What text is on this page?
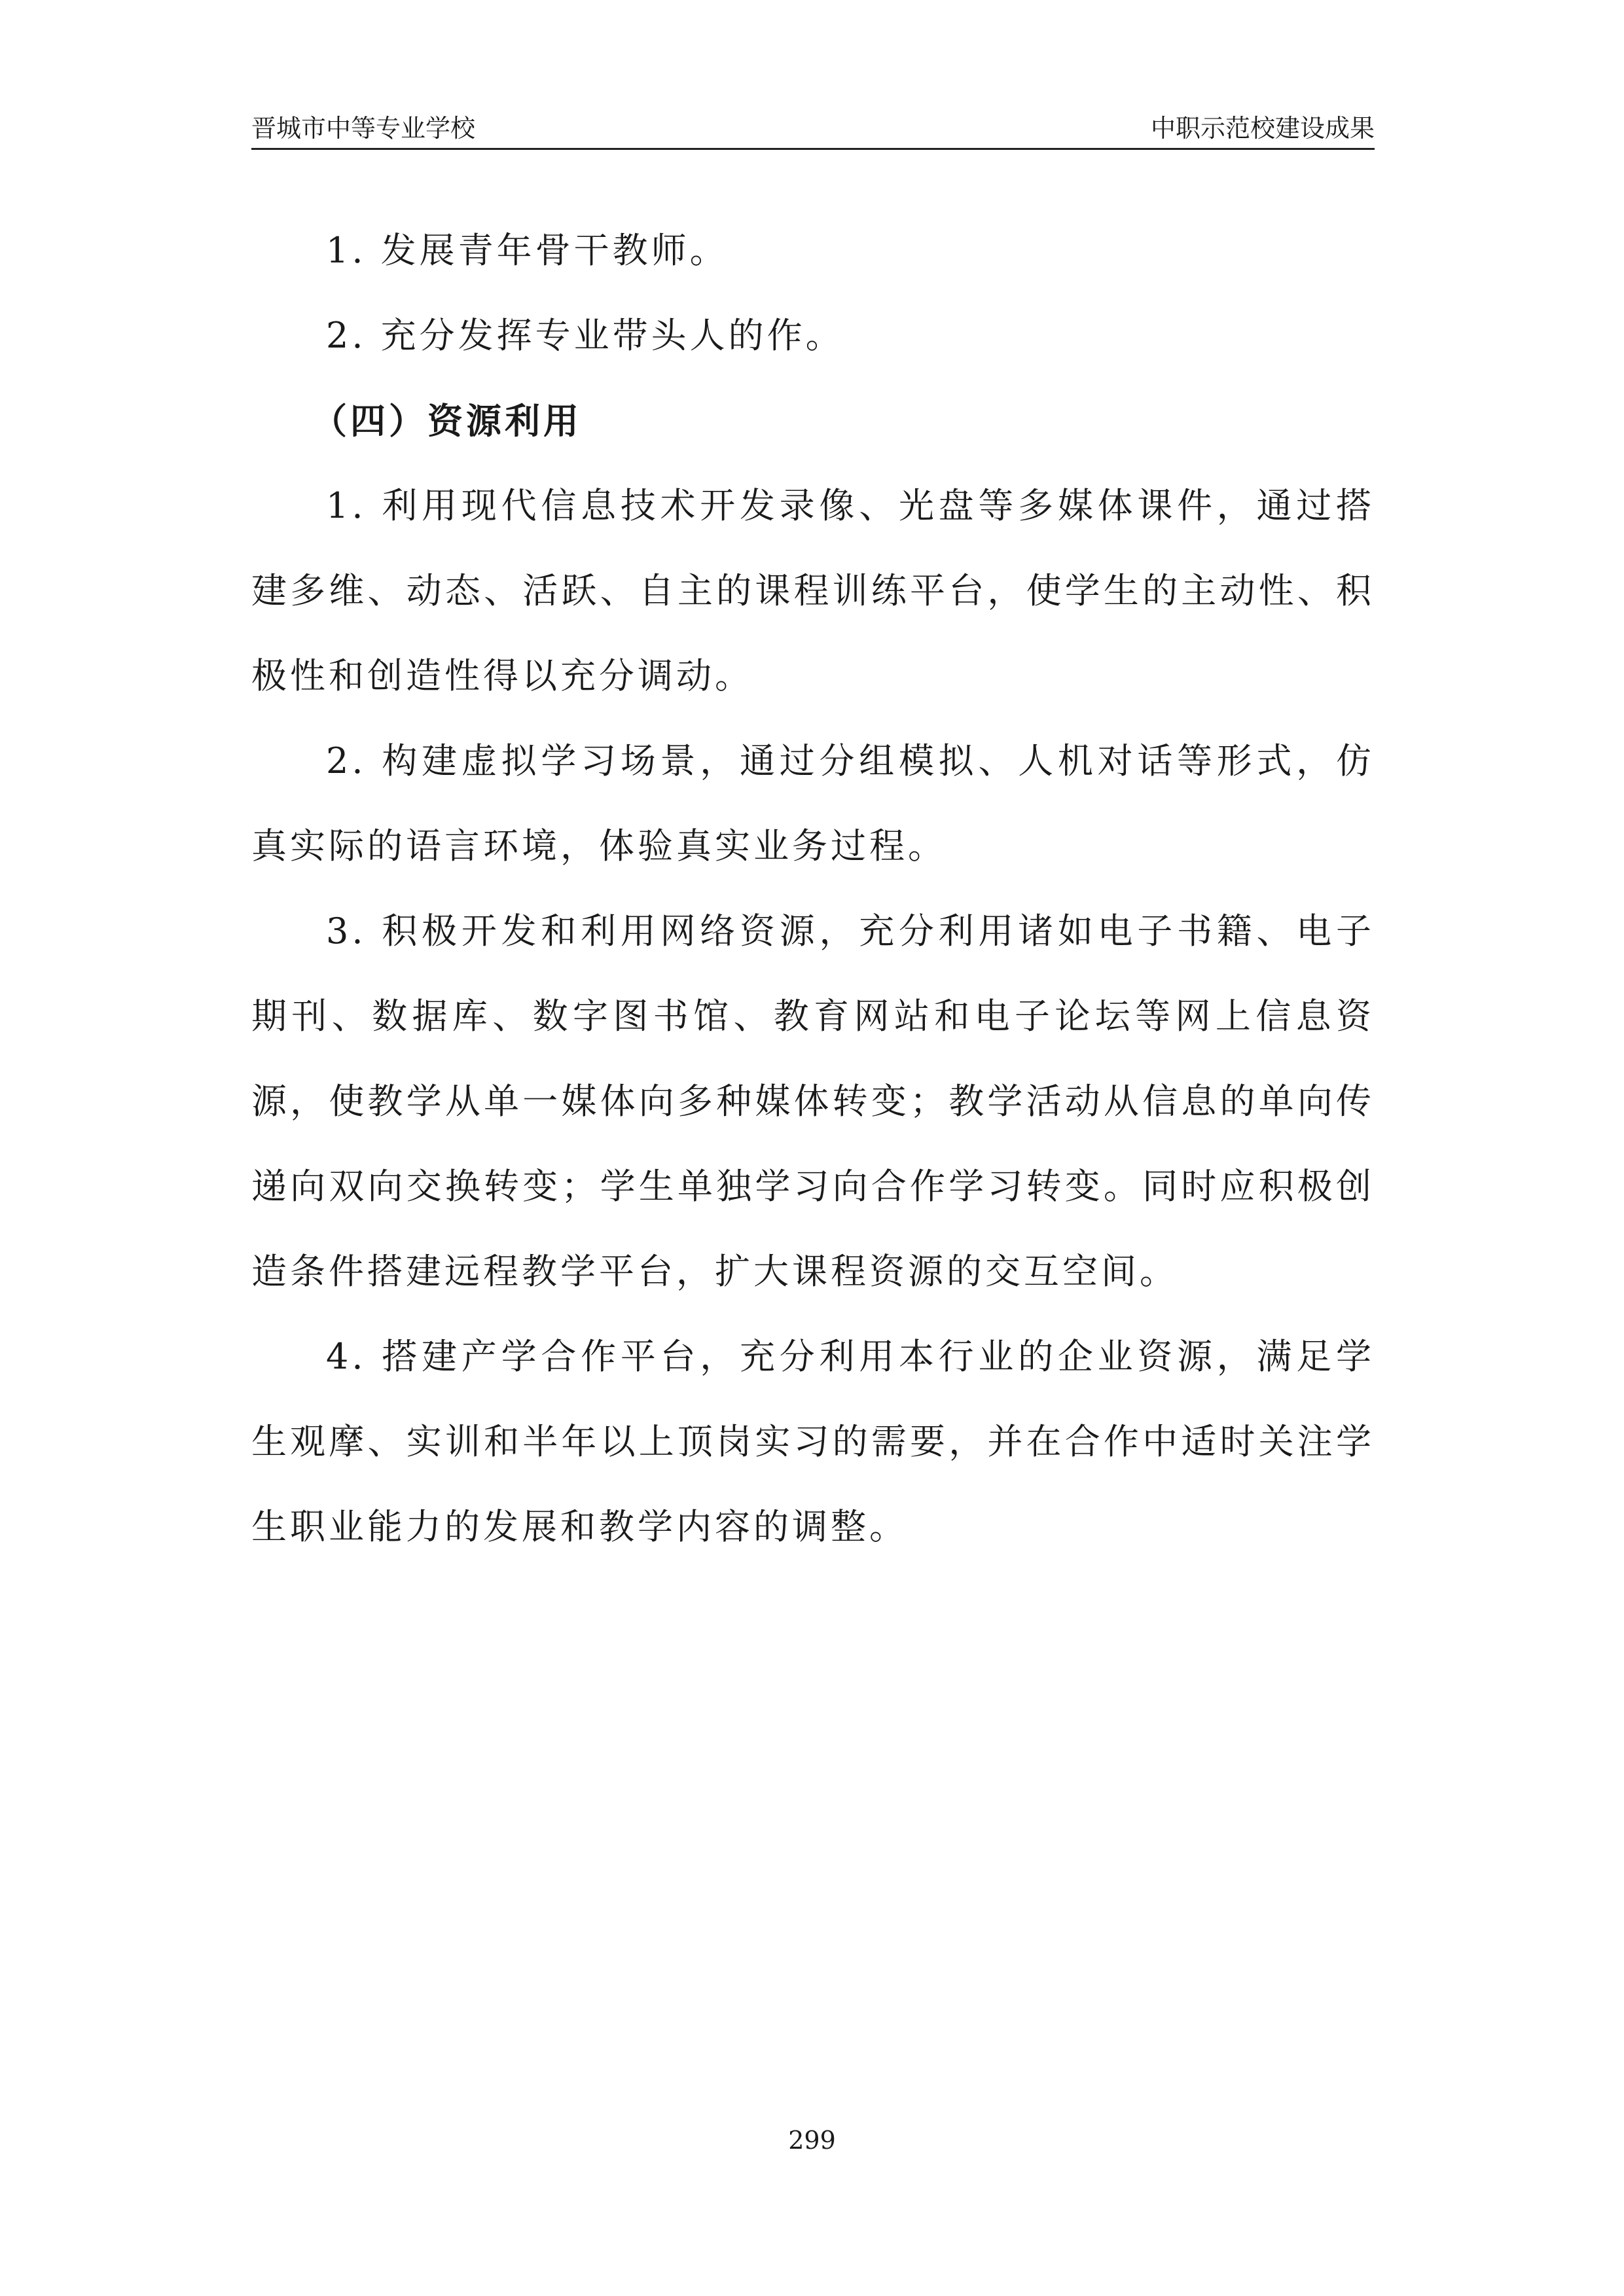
晋城市中等专业学校	中职示范校建设成果

1. 发展青年骨干教师。

2. 充分发挥专业带头人的作。

（四）资源利用

1. 利用现代信息技术开发录像、光盘等多媒体课件，通过搭建多维、动态、活跃、自主的课程训练平台，使学生的主动性、积极性和创造性得以充分调动。

2. 构建虚拟学习场景，通过分组模拟、人机对话等形式，仿真实际的语言环境，体验真实业务过程。

3. 积极开发和利用网络资源，充分利用诸如电子书籍、电子期刊、数据库、数字图书馆、教育网站和电子论坛等网上信息资源，使教学从单一媒体向多种媒体转变；教学活动从信息的单向传递向双向交换转变；学生单独学习向合作学习转变。同时应积极创造条件搭建远程教学平台，扩大课程资源的交互空间。

4. 搭建产学合作平台，充分利用本行业的企业资源，满足学生观摩、实训和半年以上顶岗实习的需要，并在合作中适时关注学生职业能力的发展和教学内容的调整。

299
